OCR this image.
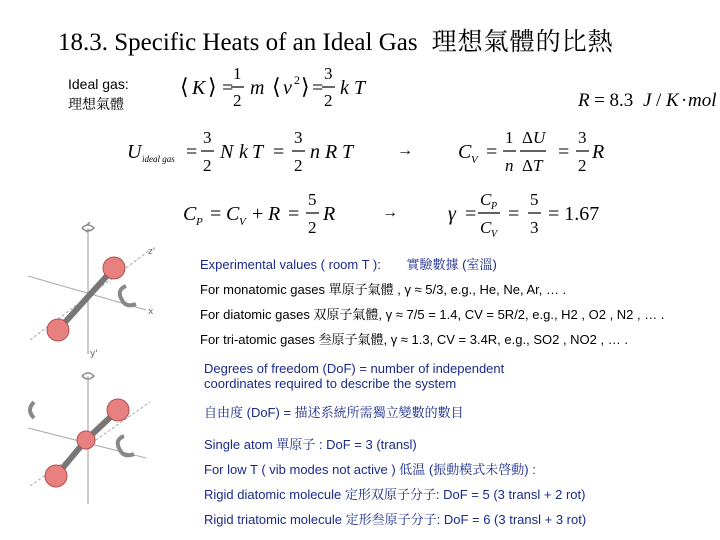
18.3. Specific Heats of an Ideal Gas 理想氣體的比熱
Ideal gas:
理想氣體
⟨ K ⟩ =
1
2
m ⟨ v 2 ⟩ =
3
2
k T
R = 8.3 J / K · mol
U ideal gas =
3
2
N k T =
3
2
n R T	→ C V =
1
n
Δ U
Δ T
=
3
2
R
C P = C V + R =
5
2
R	→	γ =
C P
C V
=
5
3
= 1.67
z'
x
y'
Experimental values ( room T ): 實驗數據 (室溫)
For monatomic gases 單原子氣體 , γ ≈ 5/3, e.g., He, Ne, Ar, … .
For diatomic gases 双原子氣體, γ ≈ 7/5 = 1.4, CV = 5R/2, e.g., H2 , O2 , N2 , … .
For tri-atomic gases 叁原子氣體, γ ≈ 1.3, CV = 3.4R, e.g., SO2 , NO2 , … .
Degrees of freedom (DoF) = number of independent
coordinates required to describe the system
自由度 (DoF) = 描述系統所需獨立變數的數目
Single atom 單原子 : DoF = 3 (transl)
For low T ( vib modes not active ) 低温 (振動模式未啓動) :
Rigid diatomic molecule 定形双原子分子: DoF = 5 (3 transl + 2 rot)
Rigid triatomic molecule 定形叁原子分子: DoF = 6 (3 transl + 3 rot)
